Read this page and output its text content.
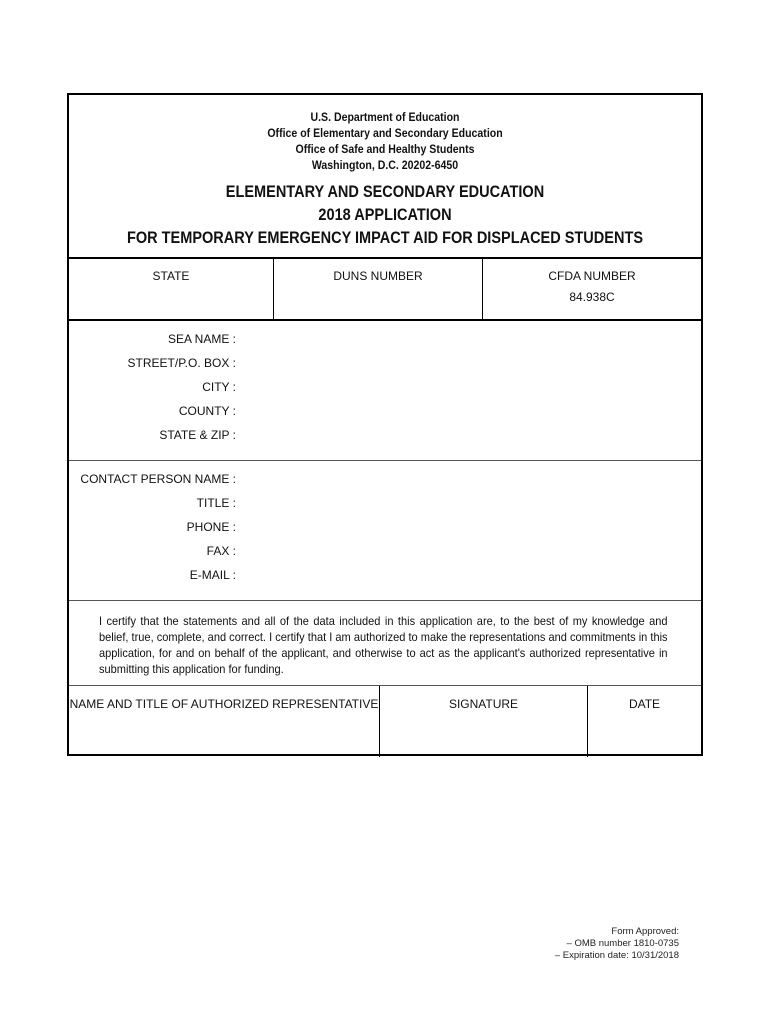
U.S. Department of Education
Office of Elementary and Secondary Education
Office of Safe and Healthy Students
Washington, D.C. 20202-6450
ELEMENTARY AND SECONDARY EDUCATION
2018 APPLICATION
FOR TEMPORARY EMERGENCY IMPACT AID FOR DISPLACED STUDENTS
STATE	DUNS NUMBER	CFDA NUMBER
84.938C
SEA NAME :
STREET/P.O. BOX :
CITY :
COUNTY :
STATE & ZIP :
CONTACT PERSON NAME :
TITLE :
PHONE :
FAX :
E-MAIL :
I certify that the statements and all of the data included in this application are, to the best of my knowledge and belief, true, complete, and correct. I certify that I am authorized to make the representations and commitments in this application, for and on behalf of the applicant, and otherwise to act as the applicant's authorized representative in submitting this application for funding.
NAME AND TITLE OF AUTHORIZED REPRESENTATIVE	SIGNATURE	DATE
Form Approved:
– OMB number 1810-0735
– Expiration date: 10/31/2018
